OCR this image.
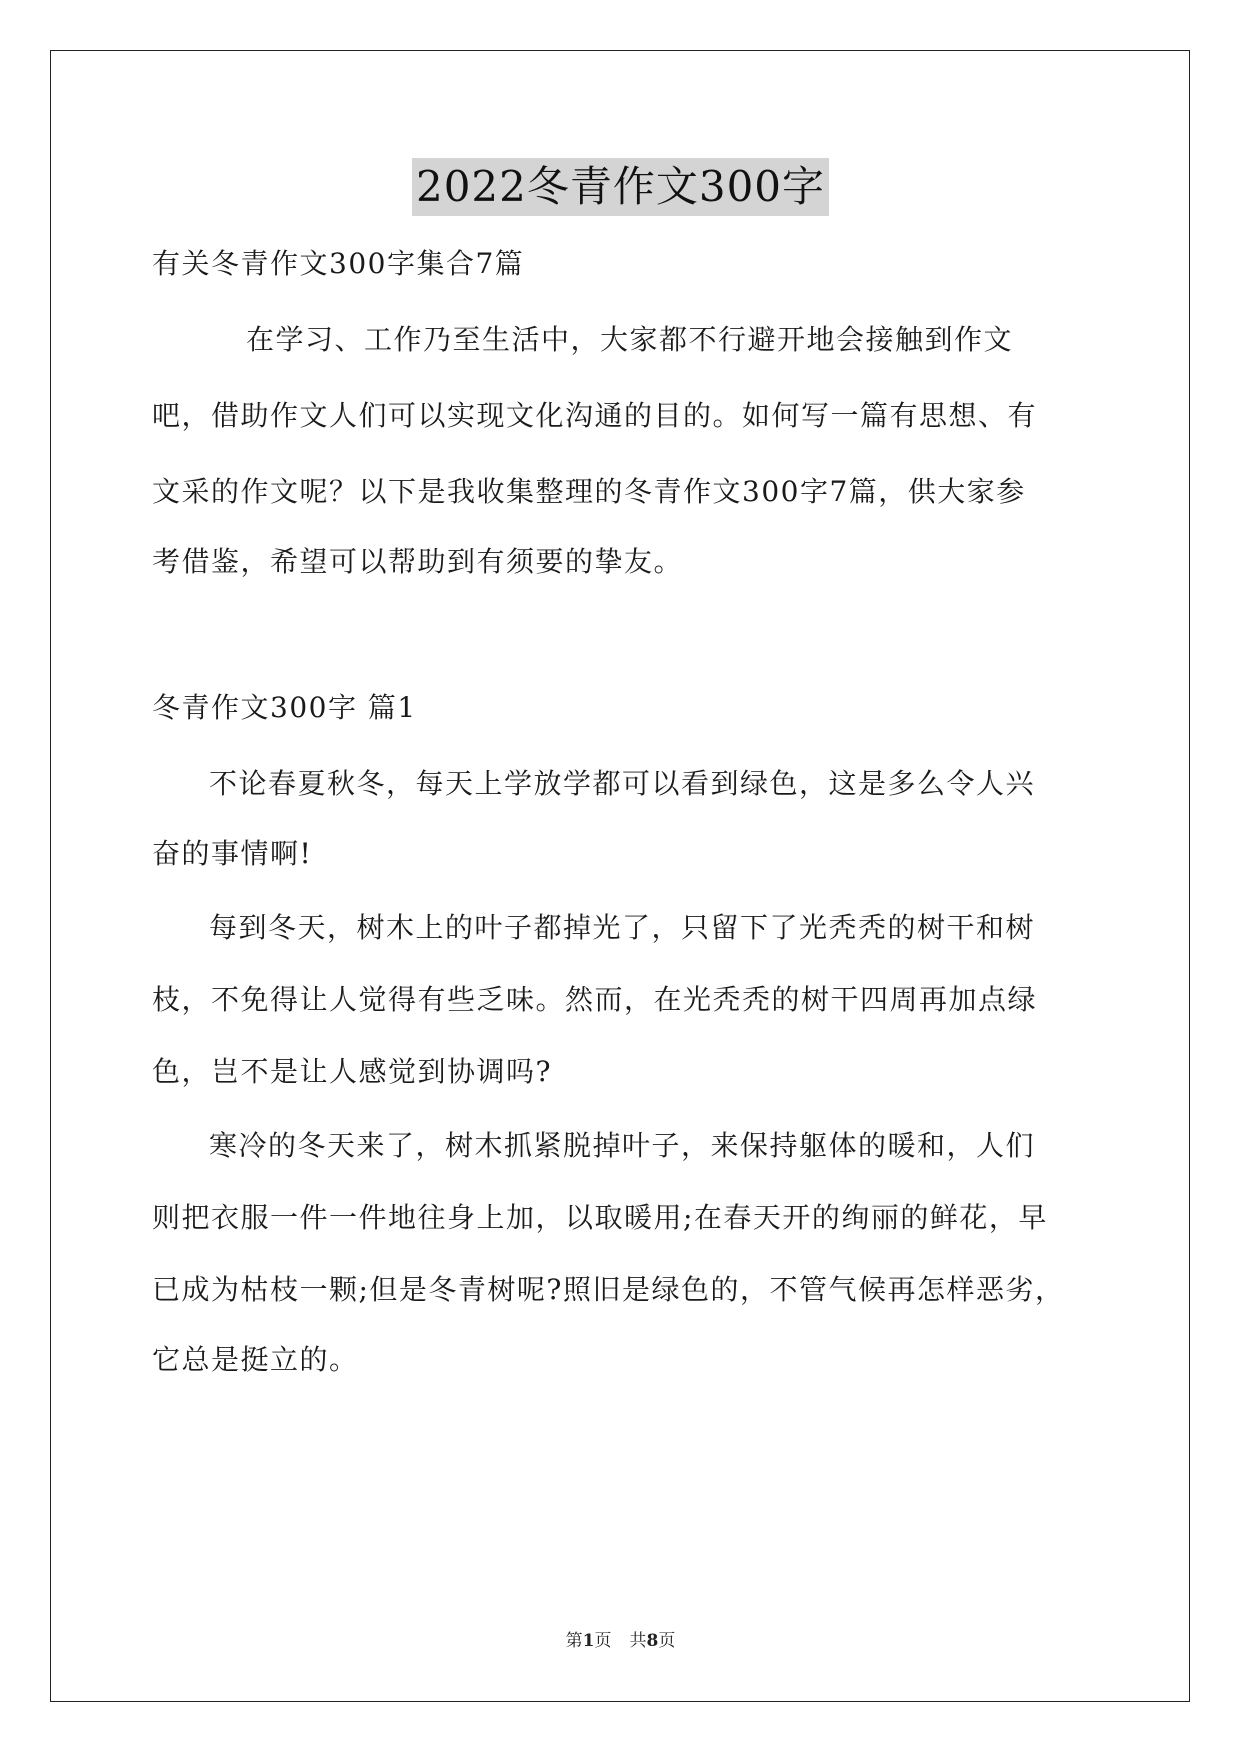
2022冬青作文300字
有关冬青作文300字集合7篇
在学习、工作乃至生活中，大家都不行避开地会接触到作文
吧，借助作文人们可以实现文化沟通的目的。如何写一篇有思想、有
文采的作文呢？以下是我收集整理的冬青作文300字7篇，供大家参
考借鉴，希望可以帮助到有须要的挚友。
冬青作文300字 篇1
不论春夏秋冬，每天上学放学都可以看到绿色，这是多么令人兴
奋的事情啊!
每到冬天，树木上的叶子都掉光了，只留下了光秃秃的树干和树
枝，不免得让人觉得有些乏味。然而，在光秃秃的树干四周再加点绿
色，岂不是让人感觉到协调吗?
寒冷的冬天来了，树木抓紧脱掉叶子，来保持躯体的暖和，人们
则把衣服一件一件地往身上加，以取暖用;在春天开的绚丽的鲜花，早
已成为枯枝一颗;但是冬青树呢?照旧是绿色的，不管气候再怎样恶劣，
它总是挺立的。
第1页 共8页
